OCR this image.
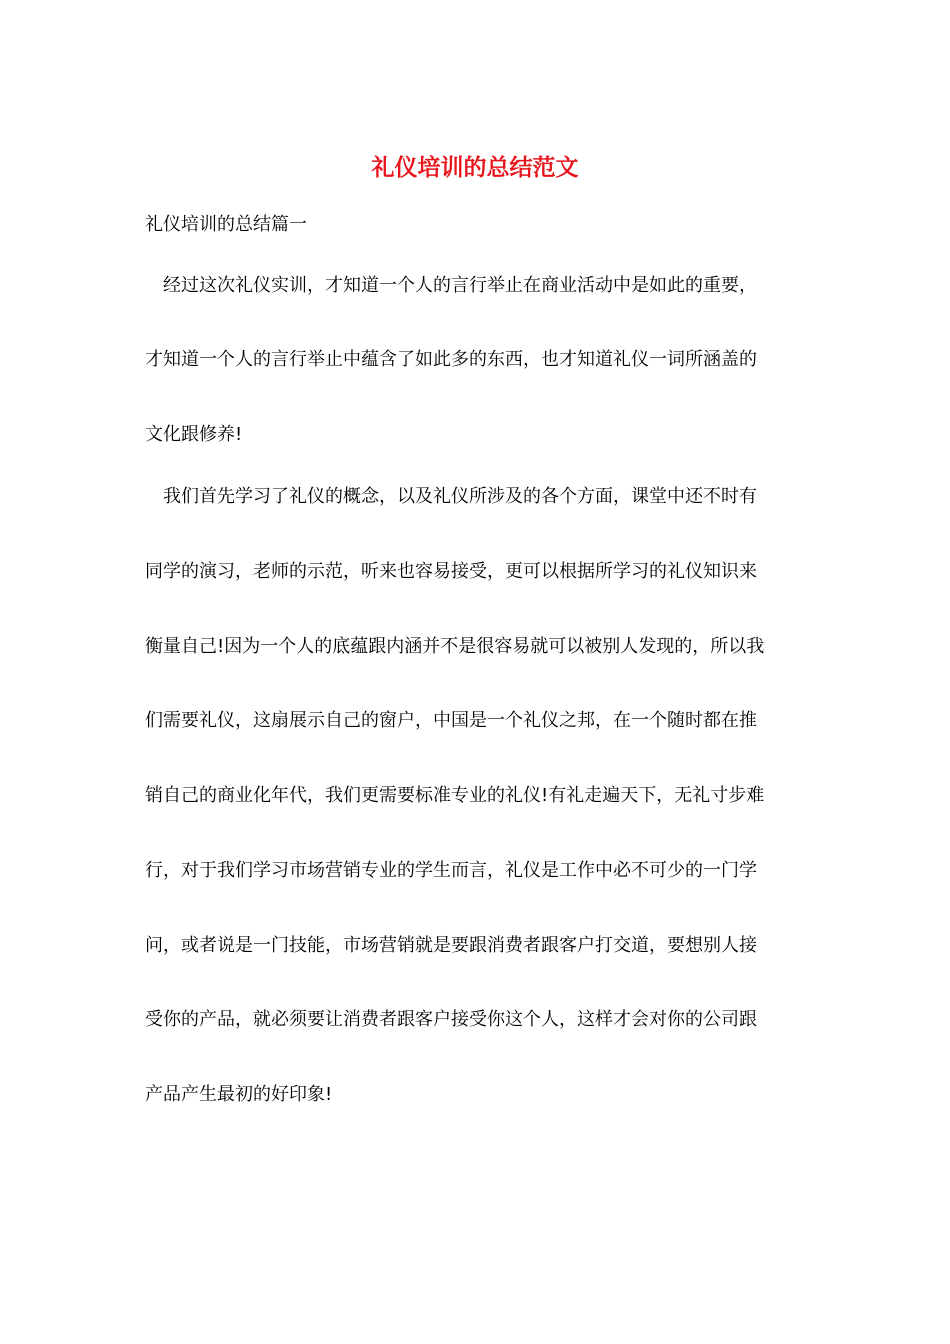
礼仪培训的总结范文
礼仪培训的总结篇一
经过这次礼仪实训，才知道一个人的言行举止在商业活动中是如此的重要，
才知道一个人的言行举止中蕴含了如此多的东西，也才知道礼仪一词所涵盖的
文化跟修养!
我们首先学习了礼仪的概念，以及礼仪所涉及的各个方面，课堂中还不时有
同学的演习，老师的示范，听来也容易接受，更可以根据所学习的礼仪知识来
衡量自己!因为一个人的底蕴跟内涵并不是很容易就可以被别人发现的，所以我
们需要礼仪，这扇展示自己的窗户，中国是一个礼仪之邦，在一个随时都在推
销自己的商业化年代，我们更需要标准专业的礼仪!有礼走遍天下，无礼寸步难
行，对于我们学习市场营销专业的学生而言，礼仪是工作中必不可少的一门学
问，或者说是一门技能，市场营销就是要跟消费者跟客户打交道，要想别人接
受你的产品，就必须要让消费者跟客户接受你这个人，这样才会对你的公司跟
产品产生最初的好印象!
